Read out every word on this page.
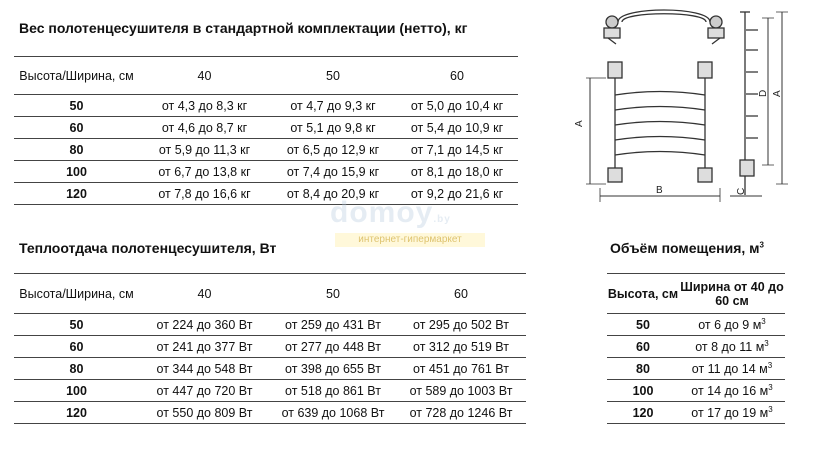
Вес полотенцесушителя в стандартной комплектации (нетто), кг
Высота/Ширина, см	40	50	60
50	от 4,3 до 8,3 кг	от 4,7 до 9,3 кг	от 5,0 до 10,4 кг
60	от 4,6 до 8,7 кг	от 5,1 до 9,8 кг	от 5,4 до 10,9 кг
80	от 5,9 до 11,3 кг	от 6,5 до 12,9 кг	от 7,1 до 14,5 кг
100	от 6,7 до 13,8 кг	от 7,4 до 15,9 кг	от 8,1 до 18,0 кг
120	от 7,8 до 16,6 кг	от 8,4 до 20,9 кг	от 9,2 до 21,6 кг
domoy.by
интернет-гипермаркет
Теплоотдача полотенцесушителя, Вт
Высота/Ширина, см	40	50	60
50	от 224 до 360 Вт	от 259 до 431 Вт	от 295 до 502 Вт
60	от 241 до 377 Вт	от 277 до 448 Вт	от 312 до 519 Вт
80	от 344 до 548 Вт	от 398 до 655 Вт	от 451 до 761 Вт
100	от 447 до 720 Вт	от 518 до 861 Вт	от 589 до 1003 Вт
120	от 550 до 809 Вт	от 639 до 1068 Вт	от 728 до 1246 Вт
Объём помещения, $м^3$
Высота, см	Ширина от 40 до 60 см
50	от 6 до 9 $м^3$
60	от 8 до 11 $м^3$
80	от 11 до 14 $м^3$
100	от 14 до 16 $м^3$
120	от 17 до 19 $м^3$
A
B
D A
C
